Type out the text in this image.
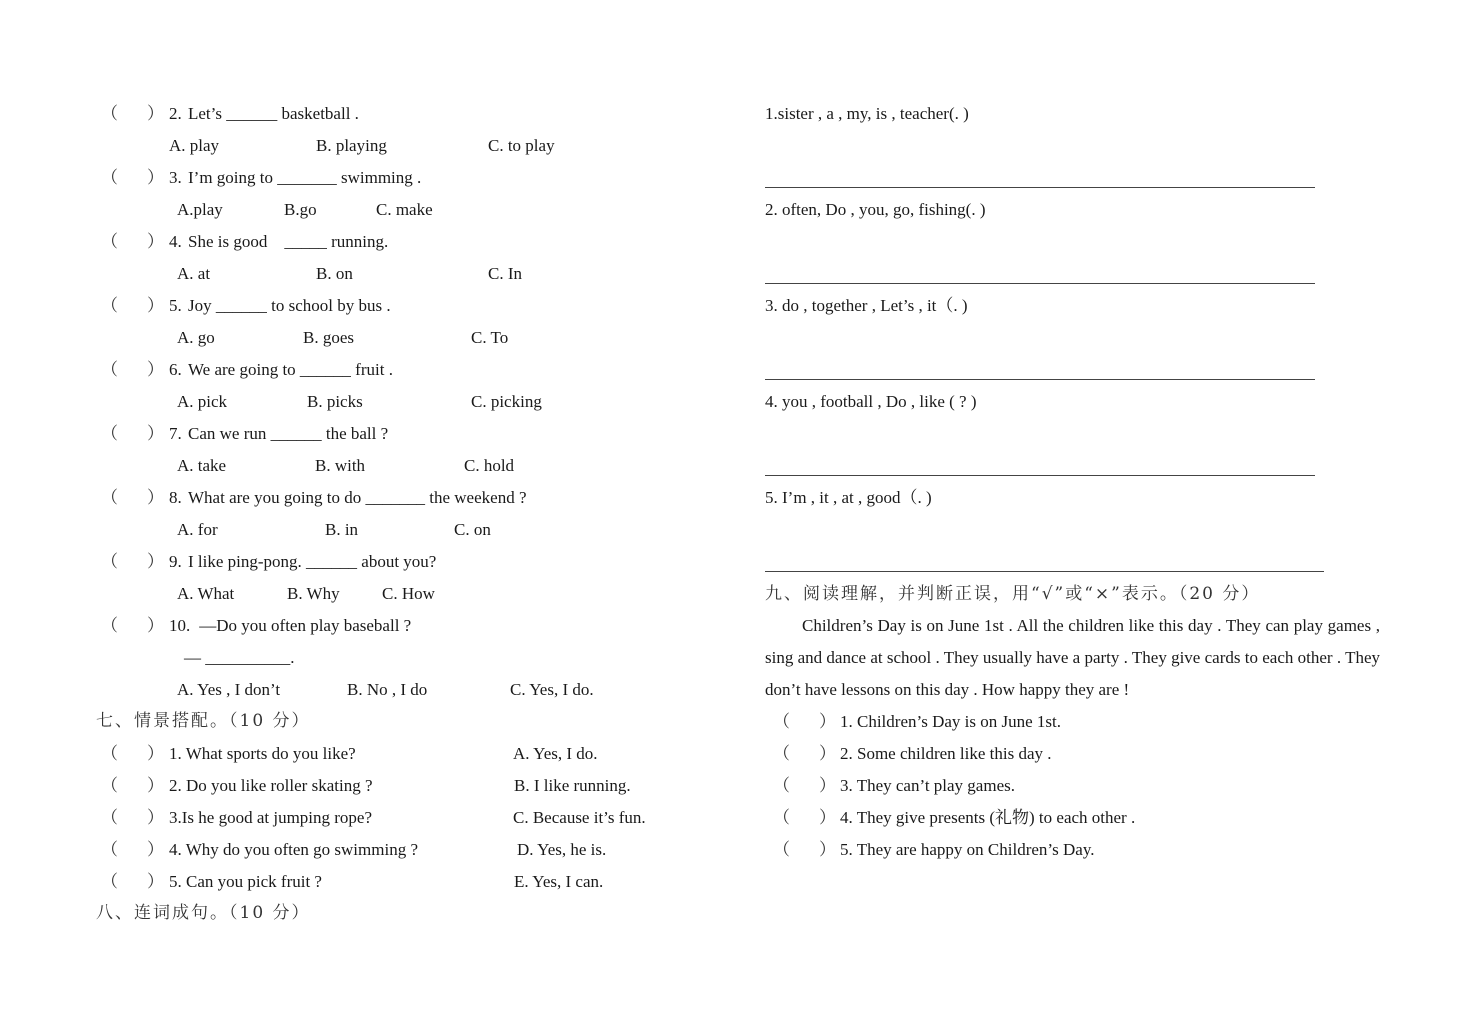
（ ） 2. Let’s ______ basketball .
A. play	B. playing	C. to play
（ ） 3. I’m going to _______ swimming .
A.play	B.go	C. make
（ ） 4. She is good    _____ running.
A. at	B. on	C. In
（ ） 5. Joy ______ to school by bus .
A. go	B. goes	C. To
（ ） 6. We are going to ______ fruit .
A. pick	B. picks	C. picking
（ ） 7. Can we run ______ the ball ?
A. take	B. with	C. hold
（ ） 8. What are you going to do _______ the weekend ?
A. for	B. in	C. on
（ ） 9. I like ping-pong. ______ about you?
A. What	B. Why C. How
（ ） 10. —Do you often play baseball ?
— __________.
A. Yes , I don’t	B. No , I do	C. Yes, I do.
七、情景搭配。（10 分）
（ ） 1. What sports do you like?	A. Yes, I do.
（ ） 2. Do you like roller skating ?	B. I like running.
（ ） 3.Is he good at jumping rope?	C. Because it’s fun.
（ ） 4. Why do you often go swimming ?	D. Yes, he is.
（ ） 5. Can you pick fruit ?	E. Yes, I can.
八、连词成句。（10 分）
1.sister , a , my, is , teacher(. )
2. often, Do , you, go, fishing(. )
3. do , together , Let’s , it（. )
4. you , football , Do , like ( ? )
5. I’m , it , at , good（. )
九、阅读理解，并判断正误，用“√”或“×”表示。（20 分）
Children’s Day is on June 1st . All the children like this day . They can play games , sing and dance at school . They usually have a party . They give cards to each other . They don’t have lessons on this day . How happy they are !
（ ） 1. Children’s Day is on June 1st.
（ ） 2. Some children like this day .
（ ） 3. They can’t play games.
（ ） 4. They give presents (礼物) to each other .
（ ） 5. They are happy on Children’s Day.
